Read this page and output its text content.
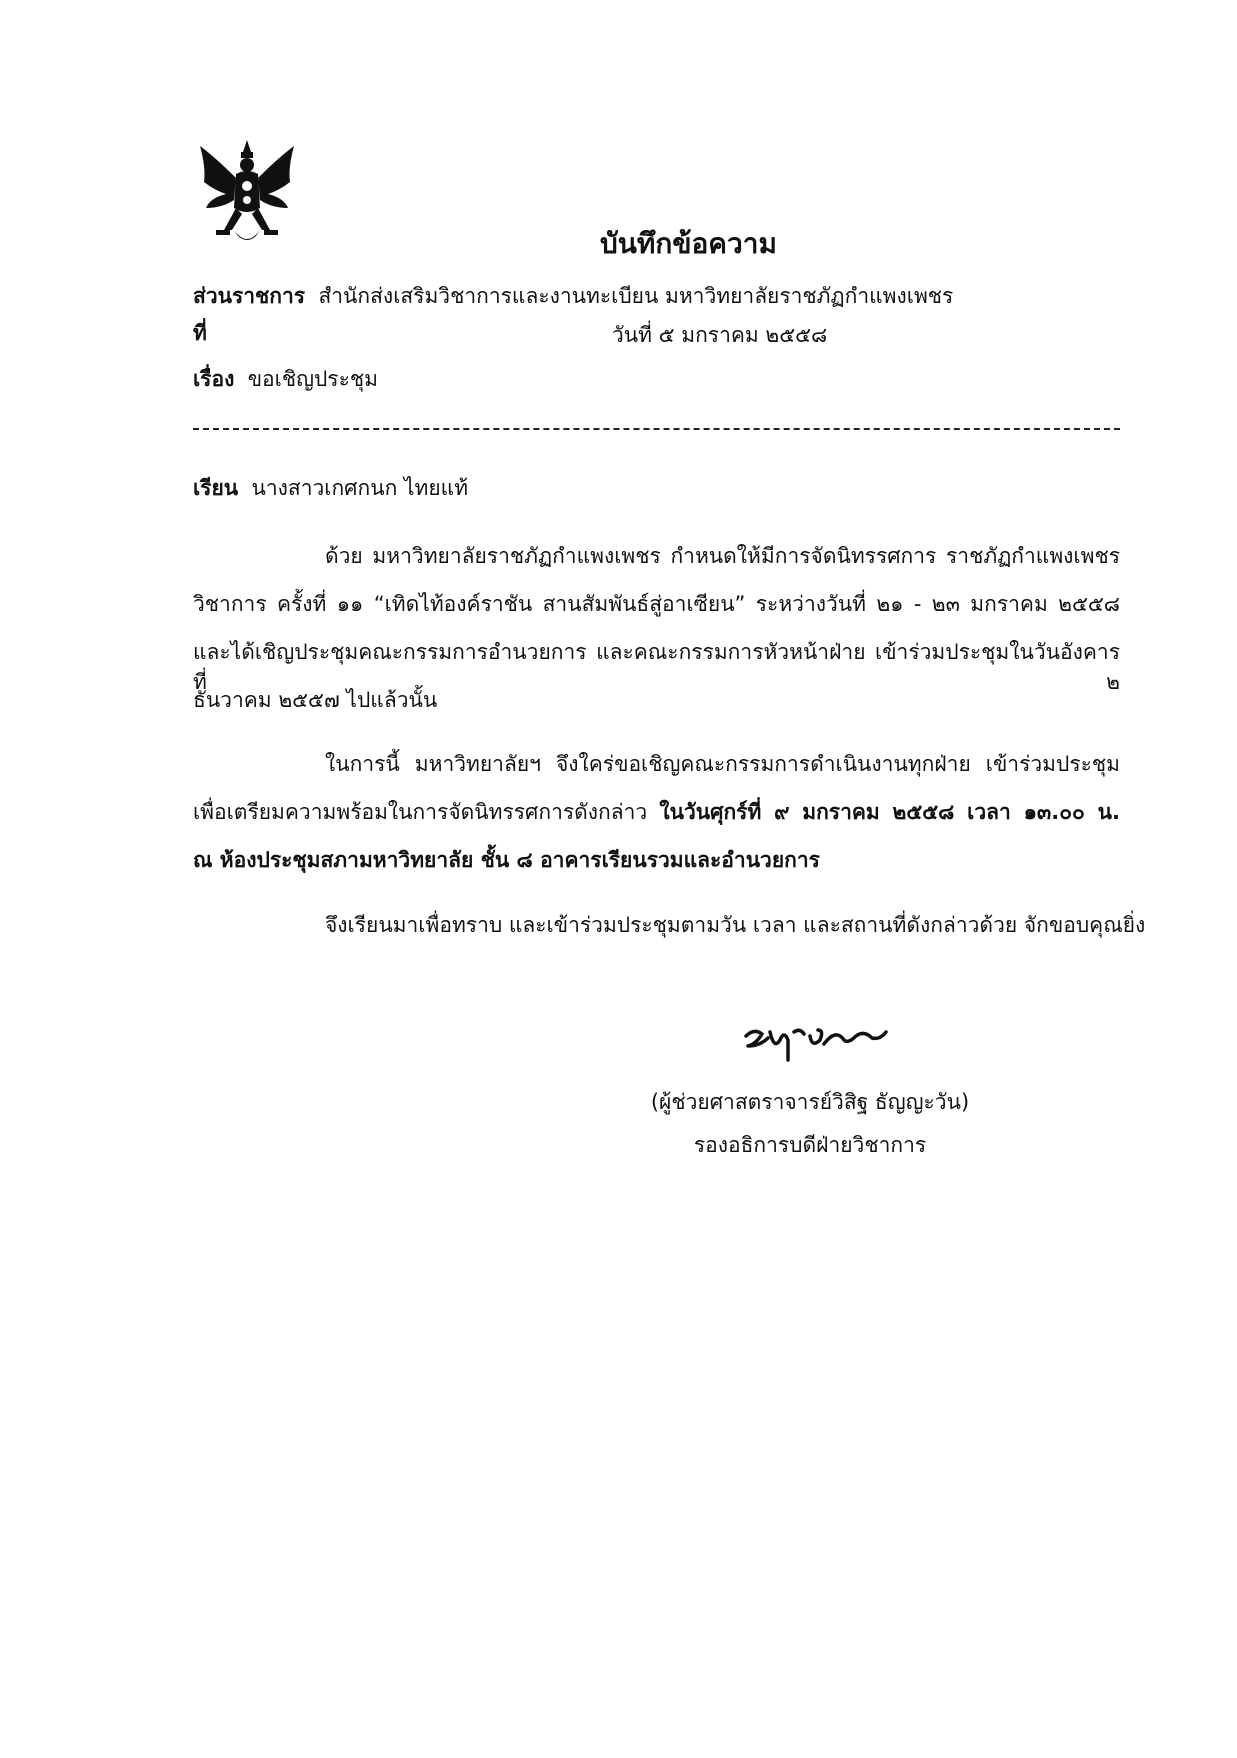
บันทึกข้อความ
ส่วนราชการ สำนักส่งเสริมวิชาการและงานทะเบียน มหาวิทยาลัยราชภัฏกำแพงเพชร
ที่	วันที่ ๕ มกราคม ๒๕๕๘
เรื่อง ขอเชิญประชุม
เรียน นางสาวเกศกนก ไทยแท้
ด้วย มหาวิทยาลัยราชภัฏกำแพงเพชร กำหนดให้มีการจัดนิทรรศการ ราชภัฏกำแพงเพชร
วิชาการ ครั้งที่ ๑๑ “เทิดไท้องค์ราชัน สานสัมพันธ์สู่อาเซียน” ระหว่างวันที่ ๒๑ - ๒๓ มกราคม ๒๕๕๘
และได้เชิญประชุมคณะกรรมการอำนวยการ และคณะกรรมการหัวหน้าฝ่าย เข้าร่วมประชุมในวันอังคารที่ ๒
ธันวาคม ๒๕๕๗ ไปแล้วนั้น
ในการนี้ มหาวิทยาลัยฯ จึงใคร่ขอเชิญคณะกรรมการดำเนินงานทุกฝ่าย เข้าร่วมประชุม
เพื่อเตรียมความพร้อมในการจัดนิทรรศการดังกล่าว ในวันศุกร์ที่ ๙ มกราคม ๒๕๕๘ เวลา ๑๓.๐๐ น.
ณ ห้องประชุมสภามหาวิทยาลัย ชั้น ๘ อาคารเรียนรวมและอำนวยการ
จึงเรียนมาเพื่อทราบ และเข้าร่วมประชุมตามวัน เวลา และสถานที่ดังกล่าวด้วย จักขอบคุณยิ่ง
(ผู้ช่วยศาสตราจารย์วิสิฐ ธัญญะวัน)
รองอธิการบดีฝ่ายวิชาการ
